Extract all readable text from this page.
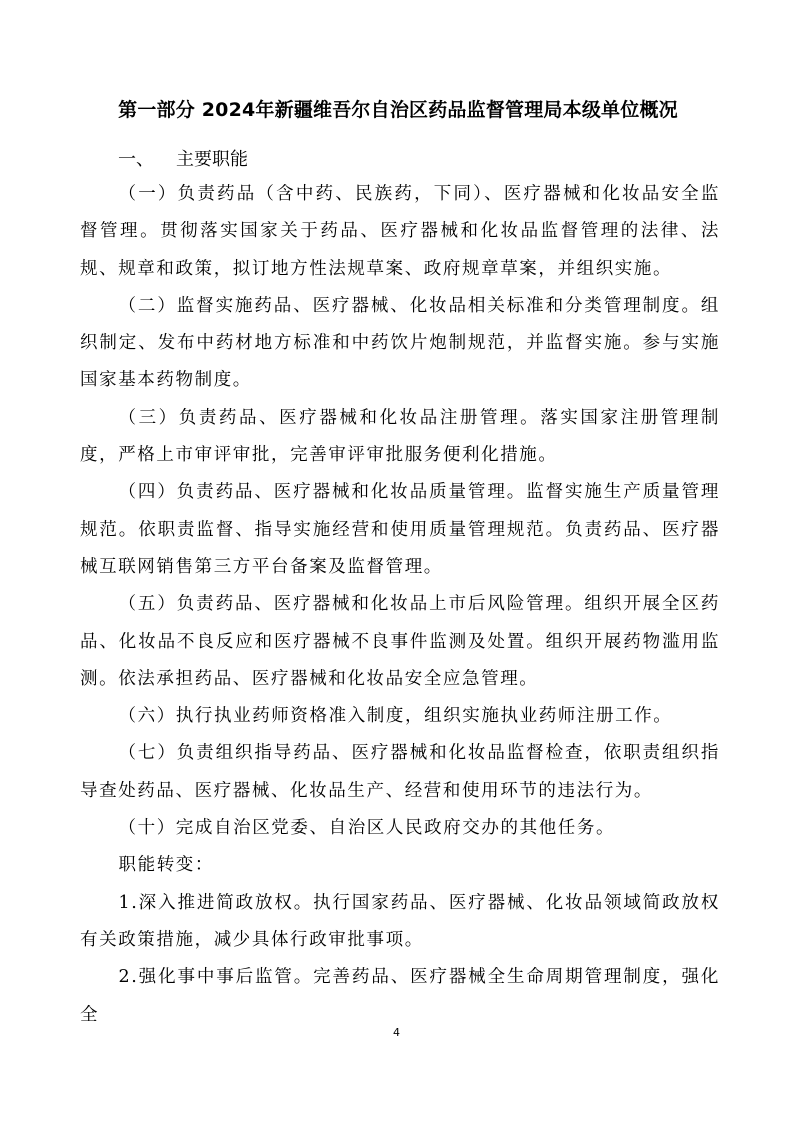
第一部分 2024年新疆维吾尔自治区药品监督管理局本级单位概况
一、 主要职能

（一）负责药品（含中药、民族药，下同）、医疗器械和化妆品安全监督管理。贯彻落实国家关于药品、医疗器械和化妆品监督管理的法律、法规、规章和政策，拟订地方性法规草案、政府规章草案，并组织实施。

（二）监督实施药品、医疗器械、化妆品相关标准和分类管理制度。组织制定、发布中药材地方标准和中药饮片炮制规范，并监督实施。参与实施国家基本药物制度。

（三）负责药品、医疗器械和化妆品注册管理。落实国家注册管理制度，严格上市审评审批，完善审评审批服务便利化措施。

（四）负责药品、医疗器械和化妆品质量管理。监督实施生产质量管理规范。依职责监督、指导实施经营和使用质量管理规范。负责药品、医疗器械互联网销售第三方平台备案及监督管理。

（五）负责药品、医疗器械和化妆品上市后风险管理。组织开展全区药品、化妆品不良反应和医疗器械不良事件监测及处置。组织开展药物滥用监测。依法承担药品、医疗器械和化妆品安全应急管理。

（六）执行执业药师资格准入制度，组织实施执业药师注册工作。

（七）负责组织指导药品、医疗器械和化妆品监督检查，依职责组织指导查处药品、医疗器械、化妆品生产、经营和使用环节的违法行为。

（十）完成自治区党委、自治区人民政府交办的其他任务。

职能转变：

1.深入推进简政放权。执行国家药品、医疗器械、化妆品领域简政放权有关政策措施，减少具体行政审批事项。

2.强化事中事后监管。完善药品、医疗器械全生命周期管理制度，强化全

4
